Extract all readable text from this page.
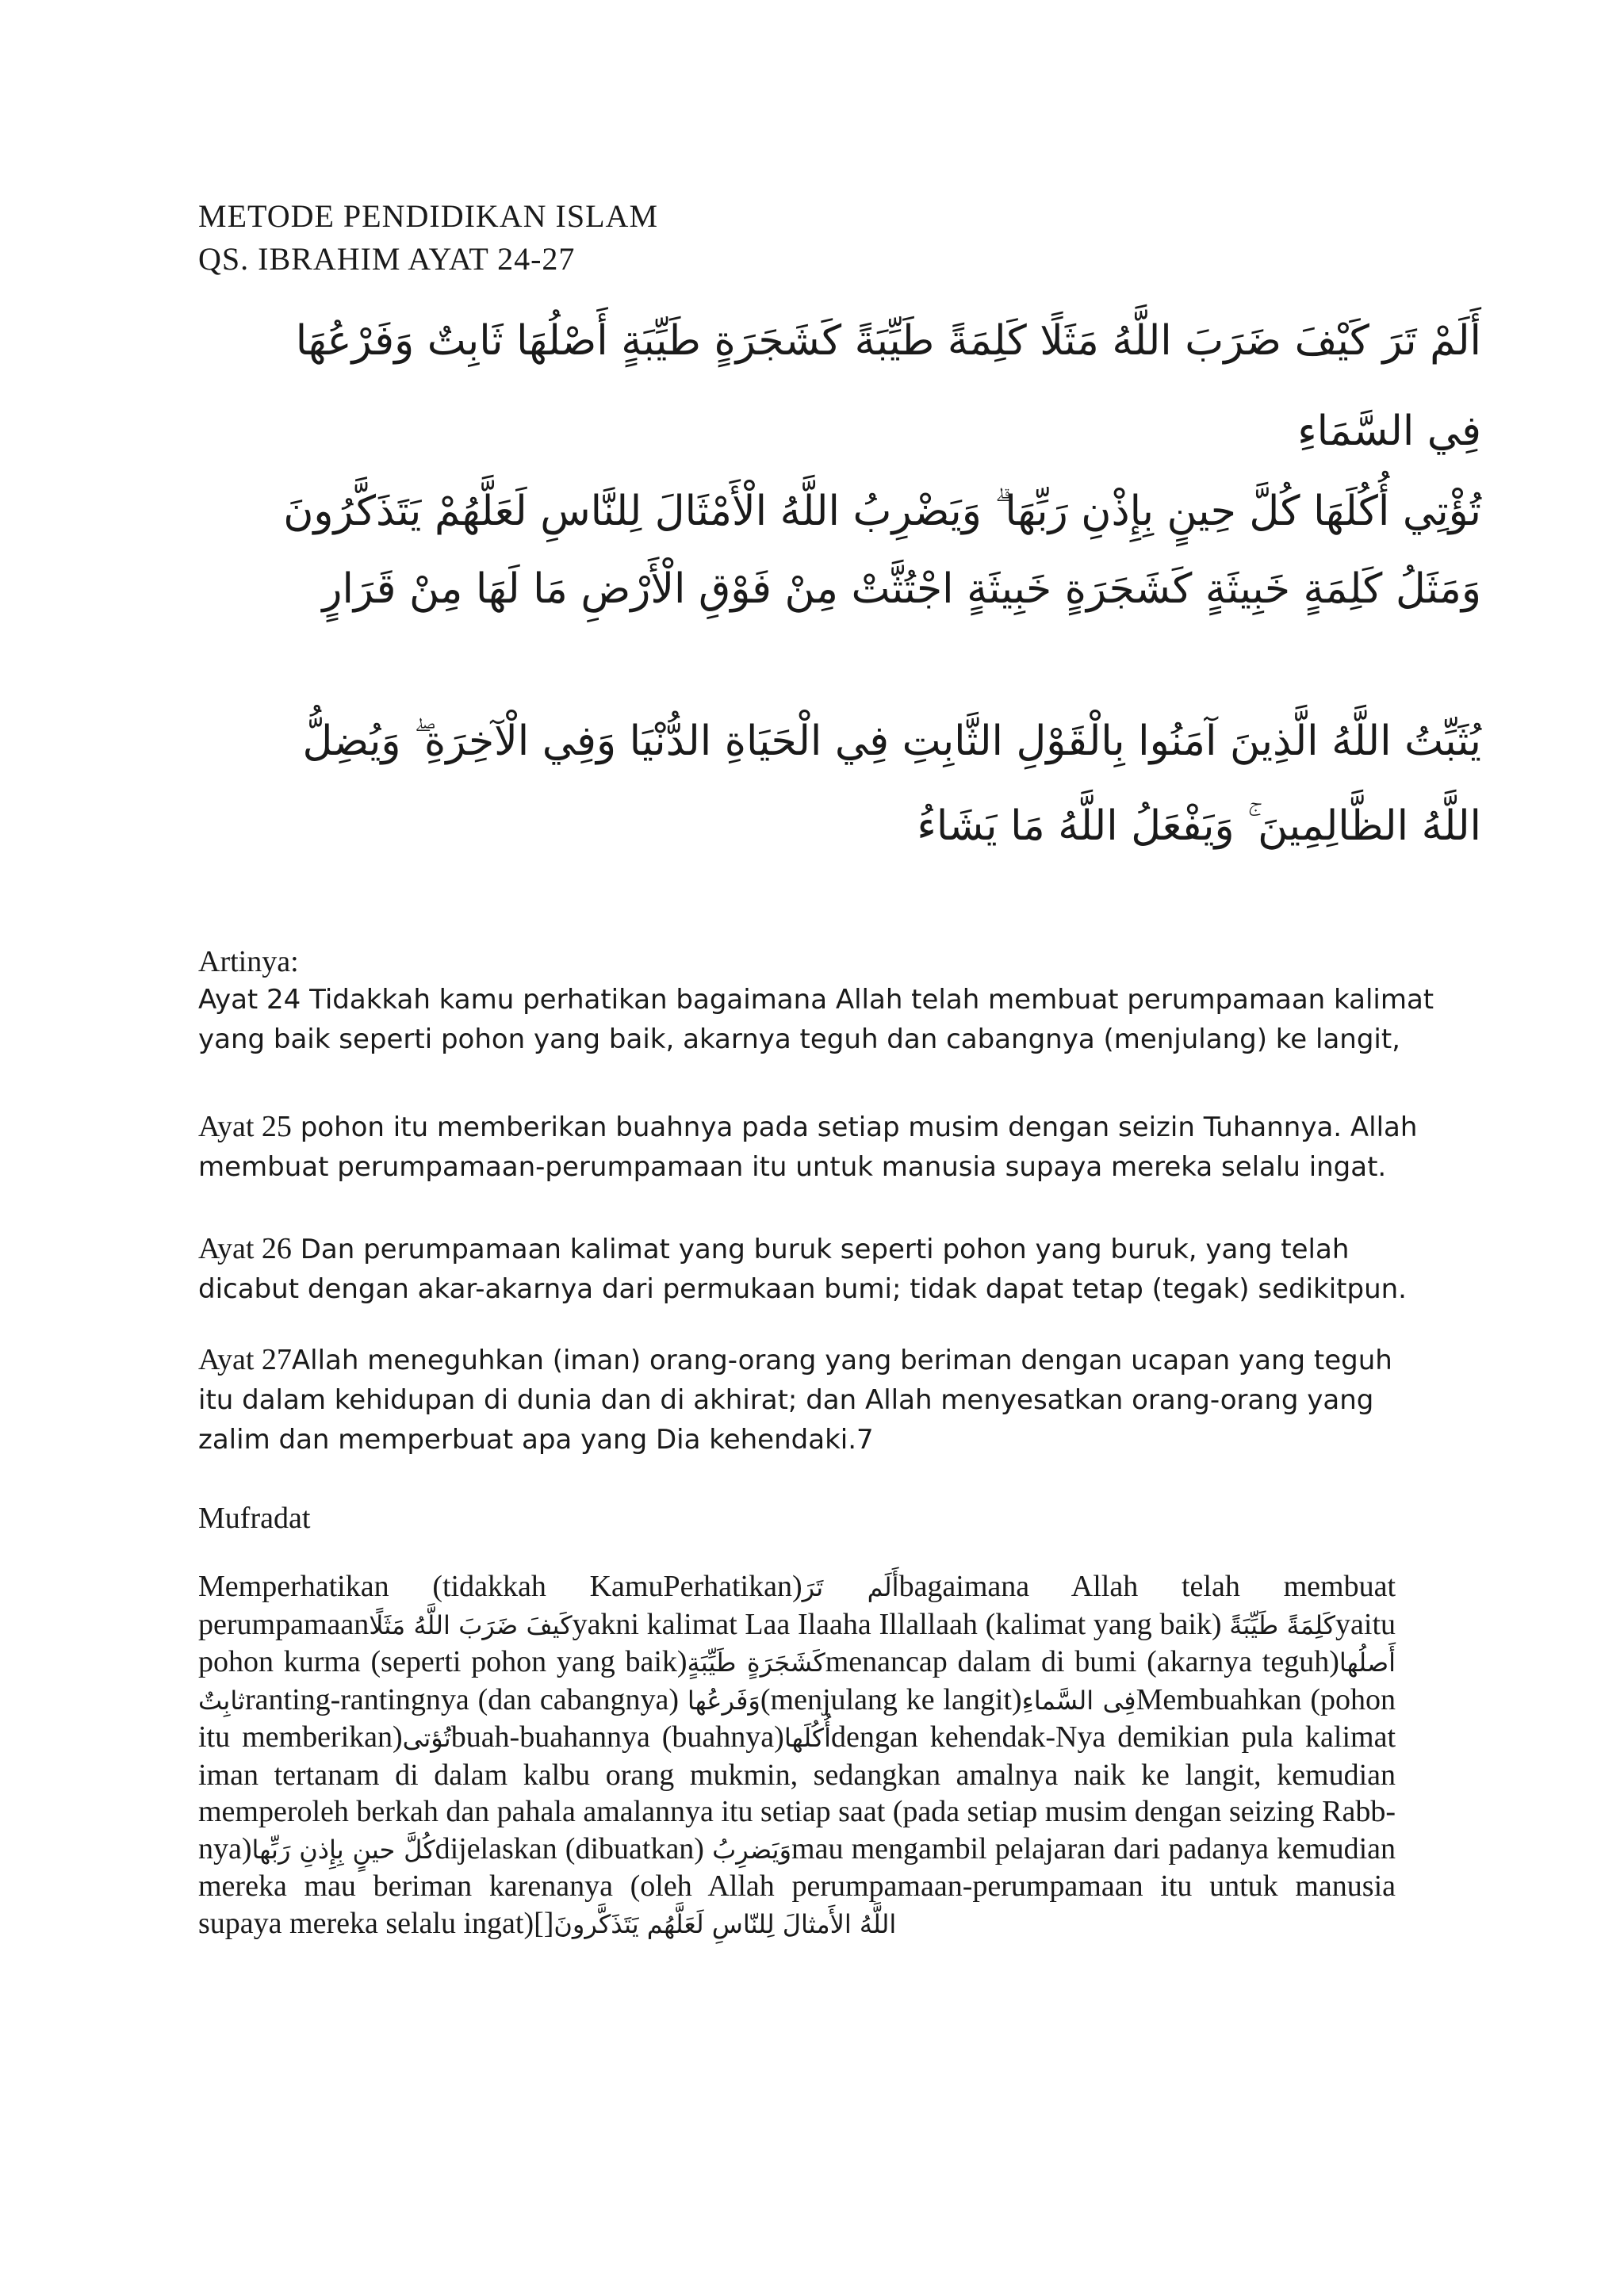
METODE PENDIDIKAN ISLAM
QS. IBRAHIM AYAT 24-27
أَلَمْ تَرَ كَيْفَ ضَرَبَ اللَّهُ مَثَلًا كَلِمَةً طَيِّبَةً كَشَجَرَةٍ طَيِّبَةٍ أَصْلُهَا ثَابِتٌ وَفَرْعُهَا
فِي السَّمَاءِ
تُؤْتِي أُكُلَهَا كُلَّ حِينٍ بِإِذْنِ رَبِّهَا ۗ وَيَضْرِبُ اللَّهُ الْأَمْثَالَ لِلنَّاسِ لَعَلَّهُمْ يَتَذَكَّرُونَ
وَمَثَلُ كَلِمَةٍ خَبِيثَةٍ كَشَجَرَةٍ خَبِيثَةٍ اجْتُثَّتْ مِنْ فَوْقِ الْأَرْضِ مَا لَهَا مِنْ قَرَارٍ
يُثَبِّتُ اللَّهُ الَّذِينَ آمَنُوا بِالْقَوْلِ الثَّابِتِ فِي الْحَيَاةِ الدُّنْيَا وَفِي الْآخِرَةِ ۖ وَيُضِلُّ
اللَّهُ الظَّالِمِينَ ۚ وَيَفْعَلُ اللَّهُ مَا يَشَاءُ
Artinya:
Ayat 24 Tidakkah kamu perhatikan bagaimana Allah telah membuat perumpamaan kalimat yang baik seperti pohon yang baik, akarnya teguh dan cabangnya (menjulang) ke langit,
Ayat 25 pohon itu memberikan buahnya pada setiap musim dengan seizin Tuhannya. Allah membuat perumpamaan-perumpamaan itu untuk manusia supaya mereka selalu ingat.
Ayat 26 Dan perumpamaan kalimat yang buruk seperti pohon yang buruk, yang telah dicabut dengan akar-akarnya dari permukaan bumi; tidak dapat tetap (tegak) sedikitpun.
Ayat 27Allah meneguhkan (iman) orang-orang yang beriman dengan ucapan yang teguh itu dalam kehidupan di dunia dan di akhirat; dan Allah menyesatkan orang-orang yang zalim dan memperbuat apa yang Dia kehendaki.7
Mufradat
Memperhatikan (tidakkah KamuPerhatikan)أَلَم تَرَbagaimana Allah telah membuat perumpamaanكَيفَ ضَرَبَ اللَّهُ مَثَلًاyakni kalimat Laa Ilaaha Illallaah (kalimat yang baik) كَلِمَةً طَيِّبَةًyaitu pohon kurma (seperti pohon yang baik)كَشَجَرَةٍ طَيِّبَةٍmenancap dalam di bumi (akarnya teguh)أَصلُها ثابِتٌranting-rantingnya (dan cabangnya) وَفَرعُها(menjulang ke langit)فِى السَّماءِMembuahkan (pohon itu memberikan)تُؤتىbuah-buahannya (buahnya)أُكُلَهاdengan kehendak-Nya demikian pula kalimat iman tertanam di dalam kalbu orang mukmin, sedangkan amalnya naik ke langit, kemudian memperoleh berkah dan pahala amalannya itu setiap saat (pada setiap musim dengan seizing Rabb-nya)كُلَّ حينٍ بِإِذنِ رَبِّهاdijelaskan (dibuatkan) وَيَضرِبُmau mengambil pelajaran dari padanya kemudian mereka mau beriman karenanya (oleh Allah perumpamaan-perumpamaan itu untuk manusia supaya mereka selalu ingat)[]اللَّهُ الأَمثالَ لِلنّاسِ لَعَلَّهُم يَتَذَكَّرونَ
